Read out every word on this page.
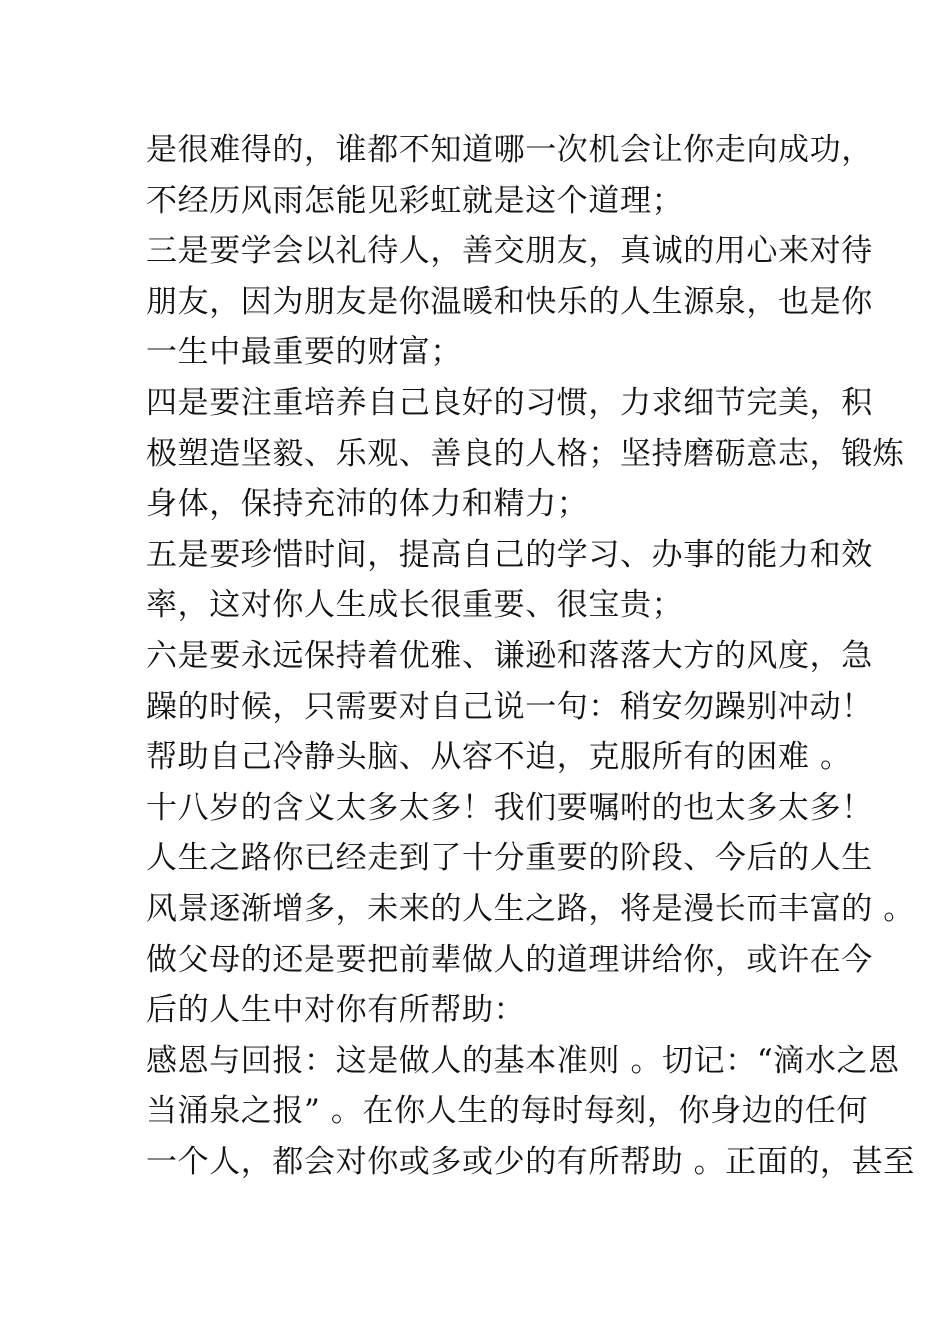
是很难得的，谁都不知道哪一次机会让你走向成功，
不经历风雨怎能见彩虹就是这个道理；
三是要学会以礼待人，善交朋友，真诚的用心来对待
朋友，因为朋友是你温暖和快乐的人生源泉，也是你
一生中最重要的财富；
四是要注重培养自己良好的习惯，力求细节完美，积
极塑造坚毅、乐观、善良的人格；坚持磨砺意志，锻炼
身体，保持充沛的体力和精力；
五是要珍惜时间，提高自己的学习、办事的能力和效
率，这对你人生成长很重要、很宝贵；
六是要永远保持着优雅、谦逊和落落大方的风度，急
躁的时候，只需要对自己说一句：稍安勿躁别冲动！
帮助自己冷静头脑、从容不迫，克服所有的困难 。
十八岁的含义太多太多！我们要嘱咐的也太多太多！
人生之路你已经走到了十分重要的阶段、今后的人生
风景逐渐增多，未来的人生之路，将是漫长而丰富的 。
做父母的还是要把前辈做人的道理讲给你，或许在今
后的人生中对你有所帮助：
感恩与回报：这是做人的基本准则 。切记：“滴水之恩
当涌泉之报” 。在你人生的每时每刻，你身边的任何
一个人，都会对你或多或少的有所帮助 。正面的，甚至
